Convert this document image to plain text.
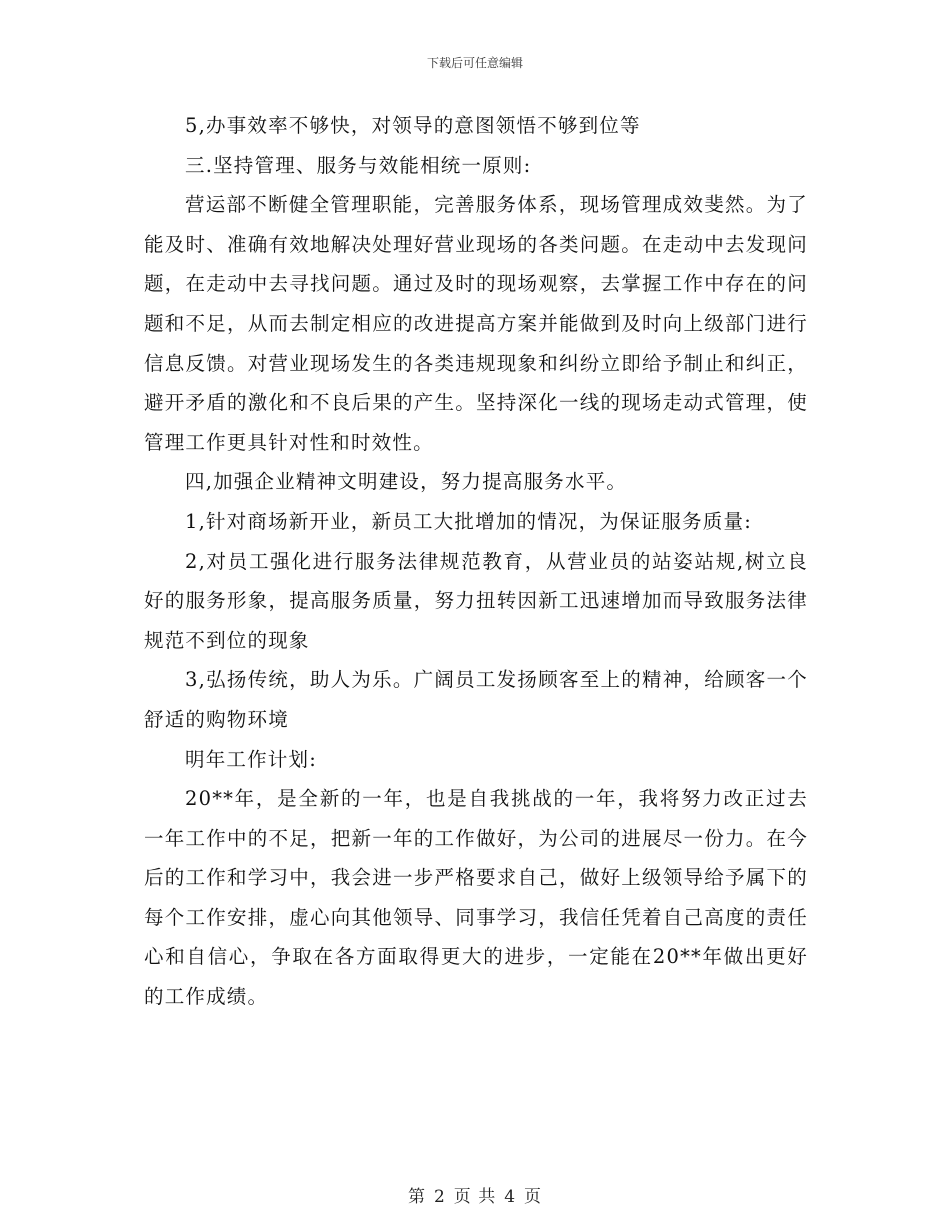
下载后可任意编辑

5,办事效率不够快，对领导的意图领悟不够到位等

三.坚持管理、服务与效能相统一原则:

营运部不断健全管理职能，完善服务体系，现场管理成效斐然。为了能及时、准确有效地解决处理好营业现场的各类问题。在走动中去发现问题，在走动中去寻找问题。通过及时的现场观察，去掌握工作中存在的问题和不足，从而去制定相应的改进提高方案并能做到及时向上级部门进行信息反馈。对营业现场发生的各类违规现象和纠纷立即给予制止和纠正，避开矛盾的激化和不良后果的产生。坚持深化一线的现场走动式管理，使管理工作更具针对性和时效性。

四,加强企业精神文明建设，努力提高服务水平。

1,针对商场新开业，新员工大批增加的情况，为保证服务质量:

2,对员工强化进行服务法律规范教育，从营业员的站姿站规,树立良好的服务形象，提高服务质量，努力扭转因新工迅速增加而导致服务法律规范不到位的现象

3,弘扬传统，助人为乐。广阔员工发扬顾客至上的精神，给顾客一个舒适的购物环境

明年工作计划:

20**年，是全新的一年，也是自我挑战的一年，我将努力改正过去一年工作中的不足，把新一年的工作做好，为公司的进展尽一份力。在今后的工作和学习中，我会进一步严格要求自己，做好上级领导给予属下的每个工作安排，虚心向其他领导、同事学习，我信任凭着自己高度的责任心和自信心，争取在各方面取得更大的进步，一定能在20**年做出更好的工作成绩。

第 2 页 共 4 页
